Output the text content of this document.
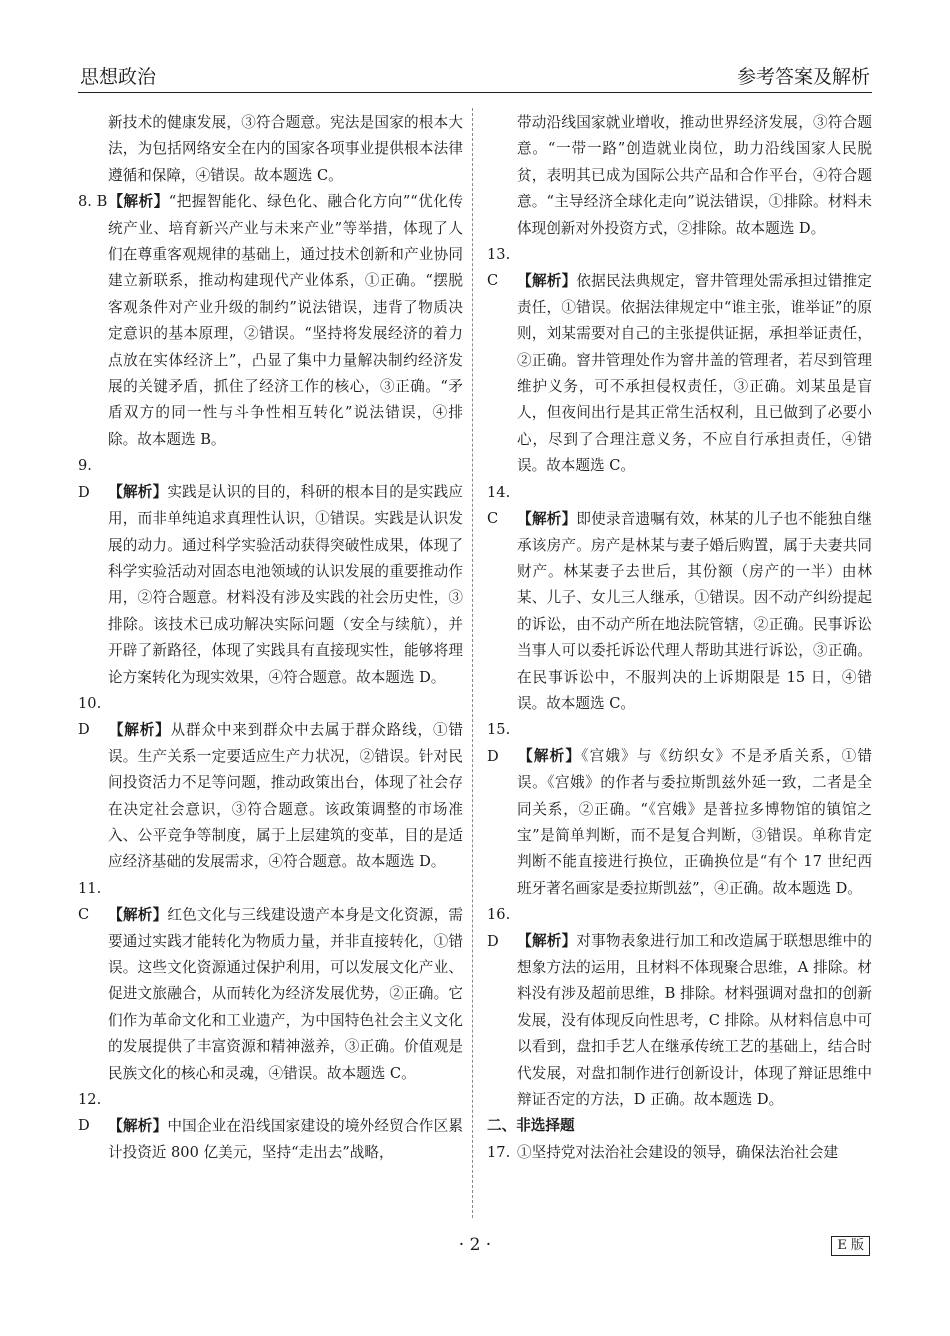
思想政治	参考答案及解析

新技术的健康发展，③符合题意。宪法是国家的根本大法，为包括网络安全在内的国家各项事业提供根本法律遵循和保障，④错误。故本题选 C。

8. B【解析】“把握智能化、绿色化、融合化方向”“优化传统产业、培育新兴产业与未来产业”等举措，体现了人们在尊重客观规律的基础上，通过技术创新和产业协同建立新联系，推动构建现代产业体系，①正确。“摆脱客观条件对产业升级的制约”说法错误，违背了物质决定意识的基本原理，②错误。“坚持将发展经济的着力点放在实体经济上”，凸显了集中力量解决制约经济发展的关键矛盾，抓住了经济工作的核心，③正确。“矛盾双方的同一性与斗争性相互转化”说法错误，④排除。故本题选 B。

9. D 【解析】实践是认识的目的，科研的根本目的是实践应用，而非单纯追求真理性认识，①错误。实践是认识发展的动力。通过科学实验活动获得突破性成果，体现了科学实验活动对固态电池领域的认识发展的重要推动作用，②符合题意。材料没有涉及实践的社会历史性，③排除。该技术已成功解决实际问题（安全与续航），并开辟了新路径，体现了实践具有直接现实性，能够将理论方案转化为现实效果，④符合题意。故本题选 D。

10. D 【解析】从群众中来到群众中去属于群众路线，①错误。生产关系一定要适应生产力状况，②错误。针对民间投资活力不足等问题，推动政策出台，体现了社会存在决定社会意识，③符合题意。该政策调整的市场准入、公平竞争等制度，属于上层建筑的变革，目的是适应经济基础的发展需求，④符合题意。故本题选 D。

11. C 【解析】红色文化与三线建设遗产本身是文化资源，需要通过实践才能转化为物质力量，并非直接转化，①错误。这些文化资源通过保护利用，可以发展文化产业、促进文旅融合，从而转化为经济发展优势，②正确。它们作为革命文化和工业遗产，为中国特色社会主义文化的发展提供了丰富资源和精神滋养，③正确。价值观是民族文化的核心和灵魂，④错误。故本题选 C。

12. D 【解析】中国企业在沿线国家建设的境外经贸合作区累计投资近 800 亿美元，坚持“走出去”战略，

带动沿线国家就业增收，推动世界经济发展，③符合题意。“一带一路”创造就业岗位，助力沿线国家人民脱贫，表明其已成为国际公共产品和合作平台，④符合题意。“主导经济全球化走向”说法错误，①排除。材料未体现创新对外投资方式，②排除。故本题选 D。

13. C 【解析】依据民法典规定，窨井管理处需承担过错推定责任，①错误。依据法律规定中“谁主张，谁举证”的原则，刘某需要对自己的主张提供证据，承担举证责任，②正确。窨井管理处作为窨井盖的管理者，若尽到管理维护义务，可不承担侵权责任，③正确。刘某虽是盲人，但夜间出行是其正常生活权利，且已做到了必要小心，尽到了合理注意义务，不应自行承担责任，④错误。故本题选 C。

14. C 【解析】即使录音遗嘱有效，林某的儿子也不能独自继承该房产。房产是林某与妻子婚后购置，属于夫妻共同财产。林某妻子去世后，其份额（房产的一半）由林某、儿子、女儿三人继承，①错误。因不动产纠纷提起的诉讼，由不动产所在地法院管辖，②正确。民事诉讼当事人可以委托诉讼代理人帮助其进行诉讼，③正确。在民事诉讼中，不服判决的上诉期限是 15 日，④错误。故本题选 C。

15. D 【解析】《宫娥》与《纺织女》不是矛盾关系，①错误。《宫娥》的作者与委拉斯凯兹外延一致，二者是全同关系，②正确。“《宫娥》是普拉多博物馆的镇馆之宝”是简单判断，而不是复合判断，③错误。单称肯定判断不能直接进行换位，正确换位是“有个 17 世纪西班牙著名画家是委拉斯凯兹”，④正确。故本题选 D。

16. D 【解析】对事物表象进行加工和改造属于联想思维中的想象方法的运用，且材料不体现聚合思维，A 排除。材料没有涉及超前思维，B 排除。材料强调对盘扣的创新发展，没有体现反向性思考，C 排除。从材料信息中可以看到，盘扣手艺人在继承传统工艺的基础上，结合时代发展，对盘扣制作进行创新设计，体现了辩证思维中辩证否定的方法，D 正确。故本题选 D。

二、非选择题

17. ①坚持党对法治社会建设的领导，确保法治社会建

· 2 ·	E 版
